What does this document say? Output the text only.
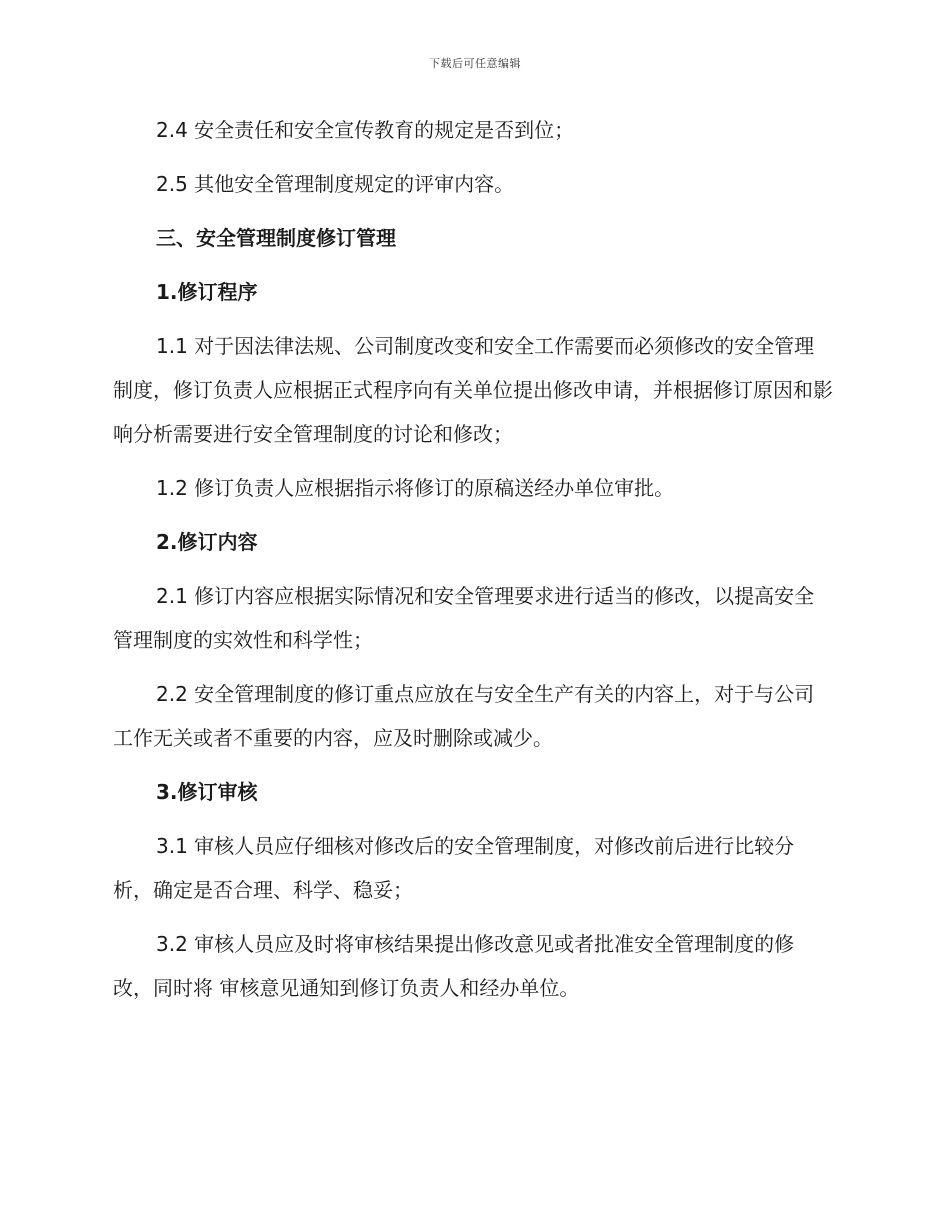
下载后可任意编辑

2.4 安全责任和安全宣传教育的规定是否到位；

2.5 其他安全管理制度规定的评审内容。

三、安全管理制度修订管理

1.修订程序

1.1 对于因法律法规、公司制度改变和安全工作需要而必须修改的安全管理制度，修订负责人应根据正式程序向有关单位提出修改申请，并根据修订原因和影响分析需要进行安全管理制度的讨论和修改；

1.2 修订负责人应根据指示将修订的原稿送经办单位审批。

2.修订内容

2.1 修订内容应根据实际情况和安全管理要求进行适当的修改，以提高安全管理制度的实效性和科学性；

2.2 安全管理制度的修订重点应放在与安全生产有关的内容上，对于与公司工作无关或者不重要的内容，应及时删除或减少。

3.修订审核

3.1 审核人员应仔细核对修改后的安全管理制度，对修改前后进行比较分析，确定是否合理、科学、稳妥；

3.2 审核人员应及时将审核结果提出修改意见或者批准安全管理制度的修改，同时将 审核意见通知到修订负责人和经办单位。
